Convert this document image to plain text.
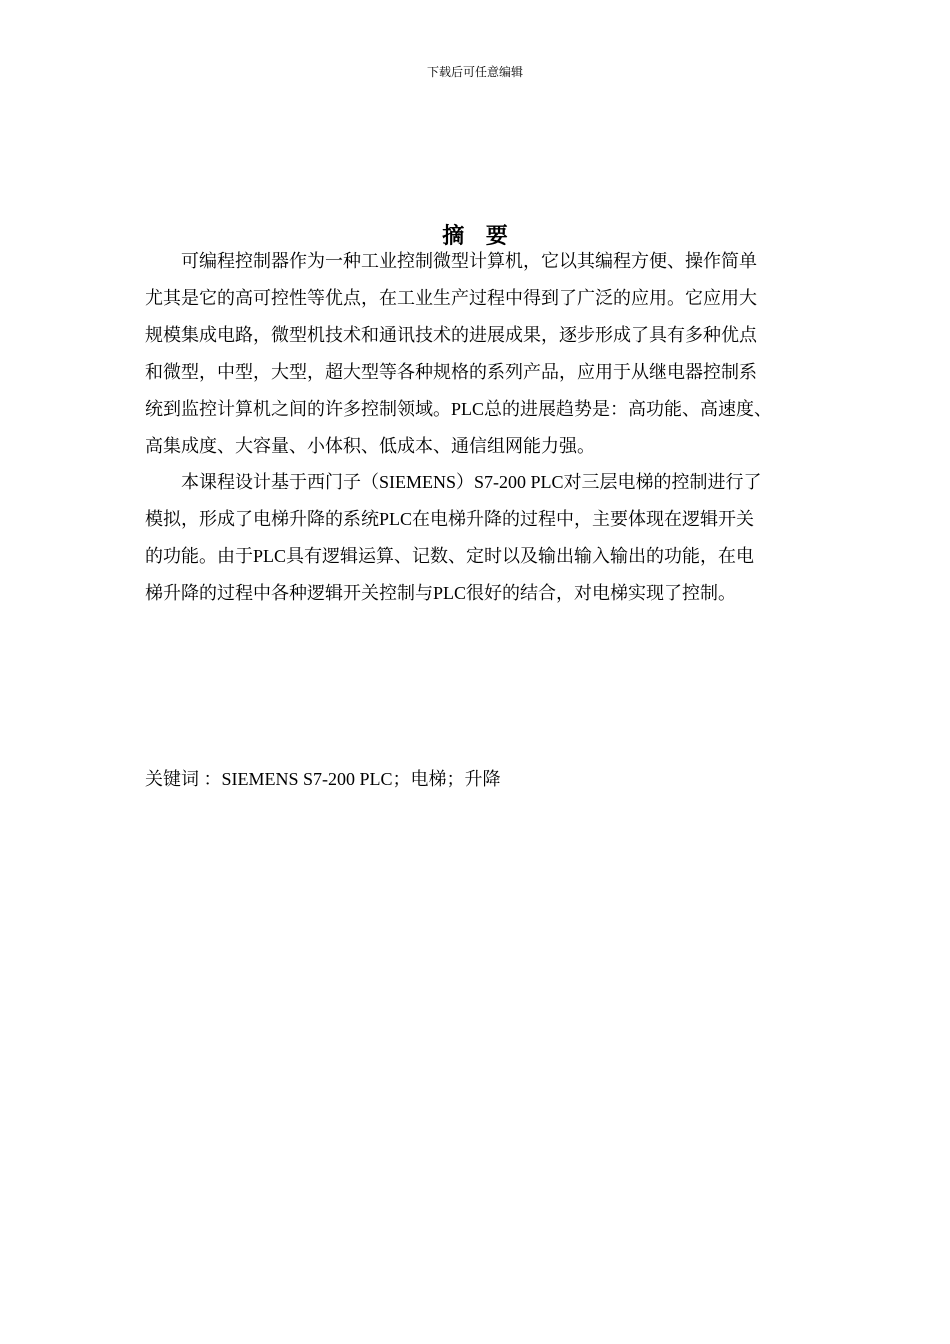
下载后可任意编辑
摘 要
可编程控制器作为一种工业控制微型计算机，它以其编程方便、操作简单
尤其是它的高可控性等优点，在工业生产过程中得到了广泛的应用。它应用大
规模集成电路，微型机技术和通讯技术的进展成果，逐步形成了具有多种优点
和微型，中型，大型，超大型等各种规格的系列产品，应用于从继电器控制系
统到监控计算机之间的许多控制领域。PLC总的进展趋势是：高功能、高速度、
高集成度、大容量、小体积、低成本、通信组网能力强。
本课程设计基于西门子（SIEMENS）S7-200 PLC对三层电梯的控制进行了
模拟，形成了电梯升降的系统PLC在电梯升降的过程中，主要体现在逻辑开关
的功能。由于PLC具有逻辑运算、记数、定时以及输出输入输出的功能，在电
梯升降的过程中各种逻辑开关控制与PLC很好的结合，对电梯实现了控制。
关键词 ：SIEMENS S7-200 PLC；电梯；升降
